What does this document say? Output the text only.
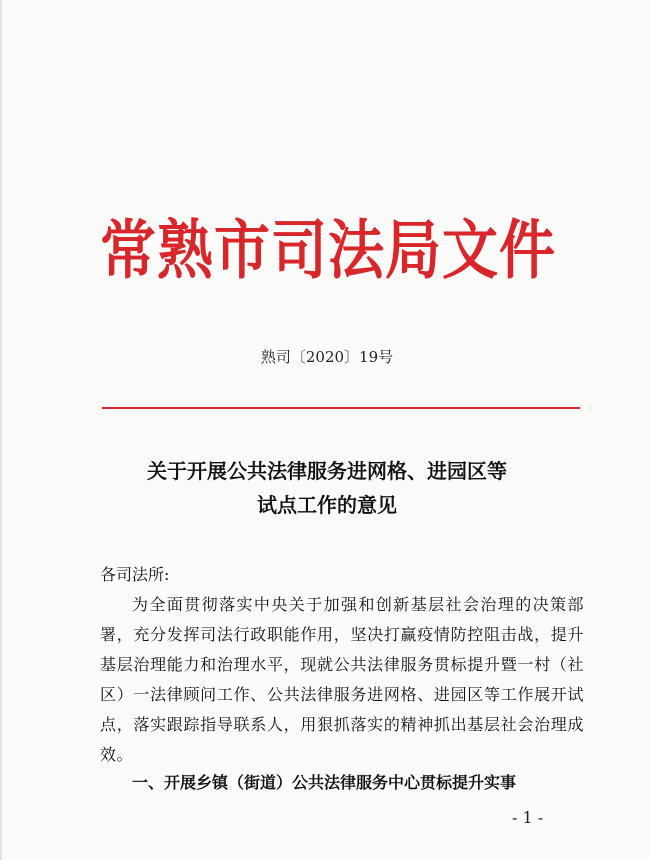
常熟市司法局文件
熟司〔2020〕19号
关于开展公共法律服务进网格、进园区等
试点工作的意见
各司法所:
为全面贯彻落实中央关于加强和创新基层社会治理的决策部署，充分发挥司法行政职能作用，坚决打赢疫情防控阻击战，提升基层治理能力和治理水平，现就公共法律服务贯标提升暨一村（社区）一法律顾问工作、公共法律服务进网格、进园区等工作展开试点，落实跟踪指导联系人，用狠抓落实的精神抓出基层社会治理成效。
一、开展乡镇（街道）公共法律服务中心贯标提升实事
- 1 -
